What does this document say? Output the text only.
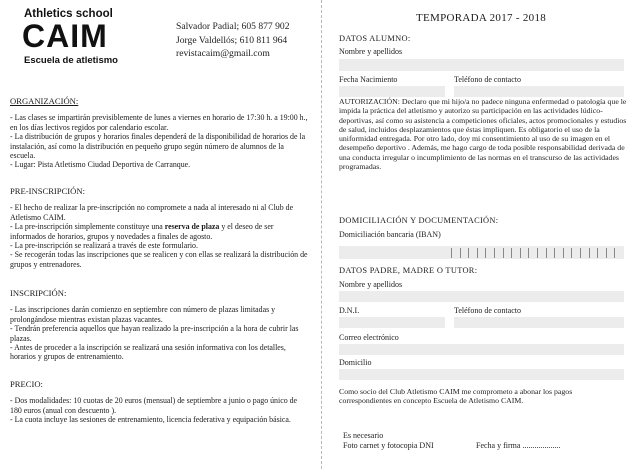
Athletics school
CAIM
Escuela de atletismo
Salvador Padial; 605 877 902
Jorge Valdellós; 610 811 964
revistacaim@gmail.com
ORGANIZACIÓN:

- Las clases se impartirán previsiblemente de lunes a viernes en horario de 17:30 h. a 19:00 h., en los días lectivos regidos por calendario escolar.

- La distribución de grupos y horarios finales dependerá de la disponibilidad de horarios de la instalación, así como la distribución en pequeño grupo según número de alumnos de la escuela.

- Lugar: Pista Atletismo Ciudad Deportiva de Carranque.

PRE-INSCRIPCIÓN:

- El hecho de realizar la pre-inscripción no compromete a nada al interesado ni al Club de Atletismo CAIM.

- La pre-inscripción simplemente constituye una reserva de plaza y el deseo de ser informados de horarios, grupos y novedades a finales de agosto.

- La pre-inscripción se realizará a través de este formulario.

- Se recogerán todas las inscripciones que se realicen y con ellas se realizará la distribución de grupos y entrenadores.

INSCRIPCIÓN:

- Las inscripciones darán comienzo en septiembre con número de plazas limitadas y prolongándose mientras existan plazas vacantes.

- Tendrán preferencia aquellos que hayan realizado la pre-inscripción a la hora de cubrir las plazas.

- Antes de proceder a la inscripción se realizará una sesión informativa con los detalles, horarios y grupos de entrenamiento.

PRECIO:

- Dos modalidades: 10 cuotas de 20 euros (mensual) de septiembre a junio o pago único de 180 euros (anual con descuento ).

- La cuota incluye las sesiones de entrenamiento, licencia federativa y equipación básica.

TEMPORADA 2017 - 2018
DATOS ALUMNO:
Nombre y apellidos
Fecha Nacimiento	Teléfono de contacto

AUTORIZACIÓN: Declaro que mi hijo/a no padece ninguna enfermedad o patología que le impida la práctica del atletismo y autorizo su participación en las actividades lúdico-deportivas, así como su asistencia a competiciones oficiales, actos promocionales y estudios de salud, incluidos desplazamientos que éstas impliquen. Es obligatorio el uso de la uniformidad entregada. Por otro lado, doy mi consentimiento al uso de su imagen en el desempeño deportivo . Además, me hago cargo de toda posible responsabilidad derivada de una conducta irregular o incumplimiento de las normas en el transcurso de las actividades programadas.

DOMICILIACIÓN Y DOCUMENTACIÓN:
Domiciliación bancaria (IBAN)
DATOS PADRE, MADRE O TUTOR:
Nombre y apellidos
D.N.I.	Teléfono de contacto
Correo electrónico
Domicilio

Como socio del Club Atletismo CAIM me comprometo a abonar los pagos correspondientes en concepto Escuela de Atletismo CAIM.

Es necesario
Foto carnet y fotocopia DNI	Fecha y firma ...................
